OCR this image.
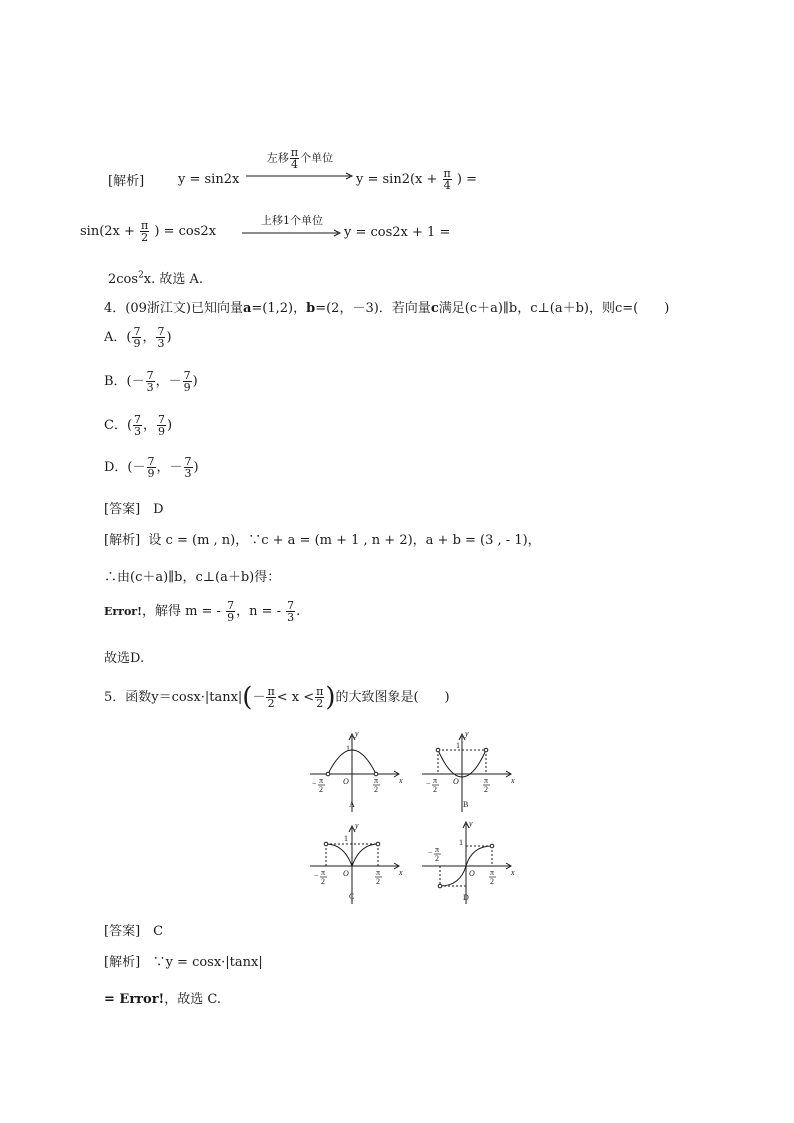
[解析]	y = sin2x
左移 $\frac{\pi}{4}$ 个单位
$y = \sin 2(x + \frac{\pi}{4}$ ) =
$\sin(2x + \frac{\pi}{2}$ ) = cos2x
上移1个单位
y = cos2x + 1 =
$2\cos^2x$. 故选 A.
4．(09浙江文)已知向量a=(1,2)，b=(2，－3)．若向量c满足(c＋a)∥b，c⊥(a＋b)，则c=(　　)
A．( $\frac{7}{9}$ ， $\frac{7}{3}$ )
B．(－ $\frac{7}{3}$ ，－ $\frac{7}{9}$ )
C．( $\frac{7}{3}$ ， $\frac{7}{9}$ )
D．(－ $\frac{7}{9}$ ，－ $\frac{7}{3}$ )
[答案]　D
[解析] 设 c = (m , n)，∵c + a = (m + 1 , n + 2)，a + b = (3 , - 1)，
∴由(c＋a)∥b，c⊥(a＋b)得：
Error!，解得 m = - $\frac{7}{9}$ ，n = - $\frac{7}{3}$ .
故选D.
5．函数$y=\cos x\cdot|\tan x|(- \frac{\pi}{2} < x < \frac{\pi}{2}$ )的大致图象是(　　)
y
x
O
1
− π
2
π
2
A
y
x
O
1
− π
2
π
2
B
y
x
O
1
− π
2
π
2
C
y
x
O
1
− π
2
π
2
D
[答案]　C
[解析] ∵y = cosx·|tanx|
= Error!，故选 C.
